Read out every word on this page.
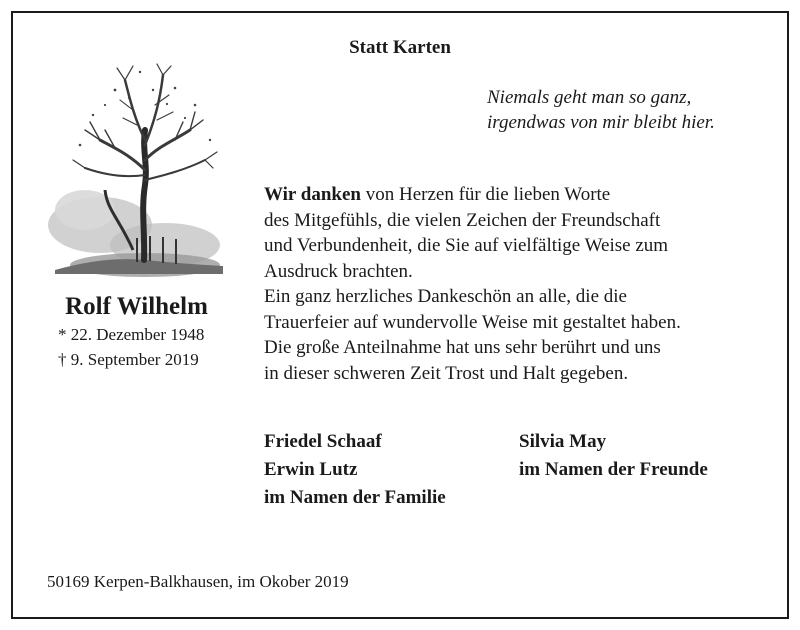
Statt Karten
Niemals geht man so ganz,
irgendwas von mir bleibt hier.
Rolf Wilhelm
* 22. Dezember 1948
† 9. September 2019
Wir danken von Herzen für die lieben Worte
des Mitgefühls, die vielen Zeichen der Freundschaft
und Verbundenheit, die Sie auf vielfältige Weise zum
Ausdruck brachten.
Ein ganz herzliches Dankeschön an alle, die die
Trauerfeier auf wundervolle Weise mit gestaltet haben.
Die große Anteilnahme hat uns sehr berührt und uns
in dieser schweren Zeit Trost und Halt gegeben.
Friedel Schaaf
Erwin Lutz
im Namen der Familie
Silvia May
im Namen der Freunde
50169 Kerpen-Balkhausen, im Okober 2019
